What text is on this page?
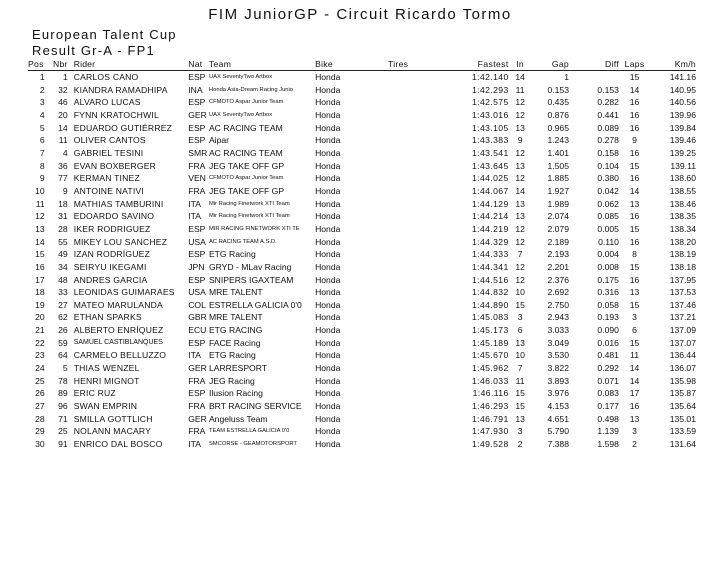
FIM JuniorGP - Circuit Ricardo Tormo
European Talent Cup
Result Gr-A - FP1
Pos	Nbr	Rider	Nat	Team	Bike	Tires	Fastest	In	Gap	Diff	Laps	Km/h
1	1	CARLOS CANO	ESP	UAX SeventyTwo Artbox	Honda		1:42.140	14	1		15	141.16
2	32	KIANDRA RAMADHIPA	INA	Honda Asia-Dream Racing Junio	Honda		1:42.293	11	0.153	0.153	14	140.95
3	46	ALVARO LUCAS	ESP	CFMOTO Aspar Junior Team	Honda		1:42.575	12	0.435	0.282	16	140.56
4	20	FYNN KRATOCHWIL	GER	UAX SeventyTwo Artbox	Honda		1:43.016	12	0.876	0.441	16	139.96
5	14	EDUARDO GUTIÉRREZ	ESP	AC RACING TEAM	Honda		1:43.105	13	0.965	0.089	16	139.84
6	11	OLIVER CANTOS	ESP	Aipar	Honda		1:43.383	9	1.243	0.278	9	139.46
7	4	GABRIEL TESINI	SMR	AC RACING TEAM	Honda		1:43.541	12	1.401	0.158	16	139.25
8	36	EVAN BOXBERGER	FRA	JEG TAKE OFF GP	Honda		1:43.645	13	1.505	0.104	15	139.11
9	77	KERMAN TINEZ	VEN	CFMOTO Aspar Junior Team	Honda		1:44.025	12	1.885	0.380	16	138.60
10	9	ANTOINE NATIVI	FRA	JEG TAKE OFF GP	Honda		1:44.067	14	1.927	0.042	14	138.55
11	18	MATHIAS TAMBURINI	ITA	Mir Racing Finetwork XTI Team	Honda		1:44.129	13	1.989	0.062	13	138.46
12	31	EDOARDO SAVINO	ITA	Mir Racing Finetwork XTI Team	Honda		1:44.214	13	2.074	0.085	16	138.35
13	28	IKER RODRIGUEZ	ESP	MIR RACING FINETWORK XTI TE	Honda		1:44.219	12	2.079	0.005	15	138.34
14	55	MIKEY LOU SANCHEZ	USA	AC RACING TEAM A.S.D.	Honda		1:44.329	12	2.189	0.110	16	138.20
15	49	IZAN RODRÍGUEZ	ESP	ETG Racing	Honda		1:44.333	7	2.193	0.004	8	138.19
16	34	SEIRYU IKEGAMI	JPN	GRYD - MLav Racing	Honda		1:44.341	12	2.201	0.008	15	138.18
17	48	ANDRES GARCIA	ESP	SNIPERS IGAXTEAM	Honda		1:44.516	12	2.376	0.175	16	137.95
18	33	LEONIDAS GUIMARAES	USA	MRE TALENT	Honda		1:44.832	10	2.692	0.316	13	137.53
19	27	MATEO MARULANDA	COL	ESTRELLA GALICIA 0'0	Honda		1:44.890	15	2.750	0.058	15	137.46
20	62	ETHAN SPARKS	GBR	MRE TALENT	Honda		1:45.083	3	2.943	0.193	3	137.21
21	26	ALBERTO ENRÍQUEZ	ECU	ETG RACING	Honda		1:45.173	6	3.033	0.090	6	137.09
22	59	SAMUEL CASTIBLANQUES	ESP	FACE Racing	Honda		1:45.189	13	3.049	0.016	15	137.07
23	64	CARMELO BELLUZZO	ITA	ETG Racing	Honda		1:45.670	10	3.530	0.481	11	136.44
24	5	THIAS WENZEL	GER	LARRESPORT	Honda		1:45.962	7	3.822	0.292	14	136.07
25	78	HENRI MIGNOT	FRA	JEG Racing	Honda		1:46.033	11	3.893	0.071	14	135.98
26	89	ERIC RUZ	ESP	Ilusion Racing	Honda		1:46.116	15	3.976	0.083	17	135.87
27	96	SWAN EMPRIN	FRA	BRT RACING SERVICE	Honda		1:46.293	15	4.153	0.177	16	135.64
28	71	SMILLA GOTTLICH	GER	Angeluss Team	Honda		1:46.791	13	4.651	0.498	13	135.01
29	25	NOLANN MACARY	FRA	TEAM ESTRELLA GALICIA 0'0	Honda		1:47.930	3	5.790	1.139	3	133.59
30	91	ENRICO DAL BOSCO	ITA	SMCORSE - GEAMOTORSPORT	Honda		1:49.528	2	7.388	1.598	2	131.64
